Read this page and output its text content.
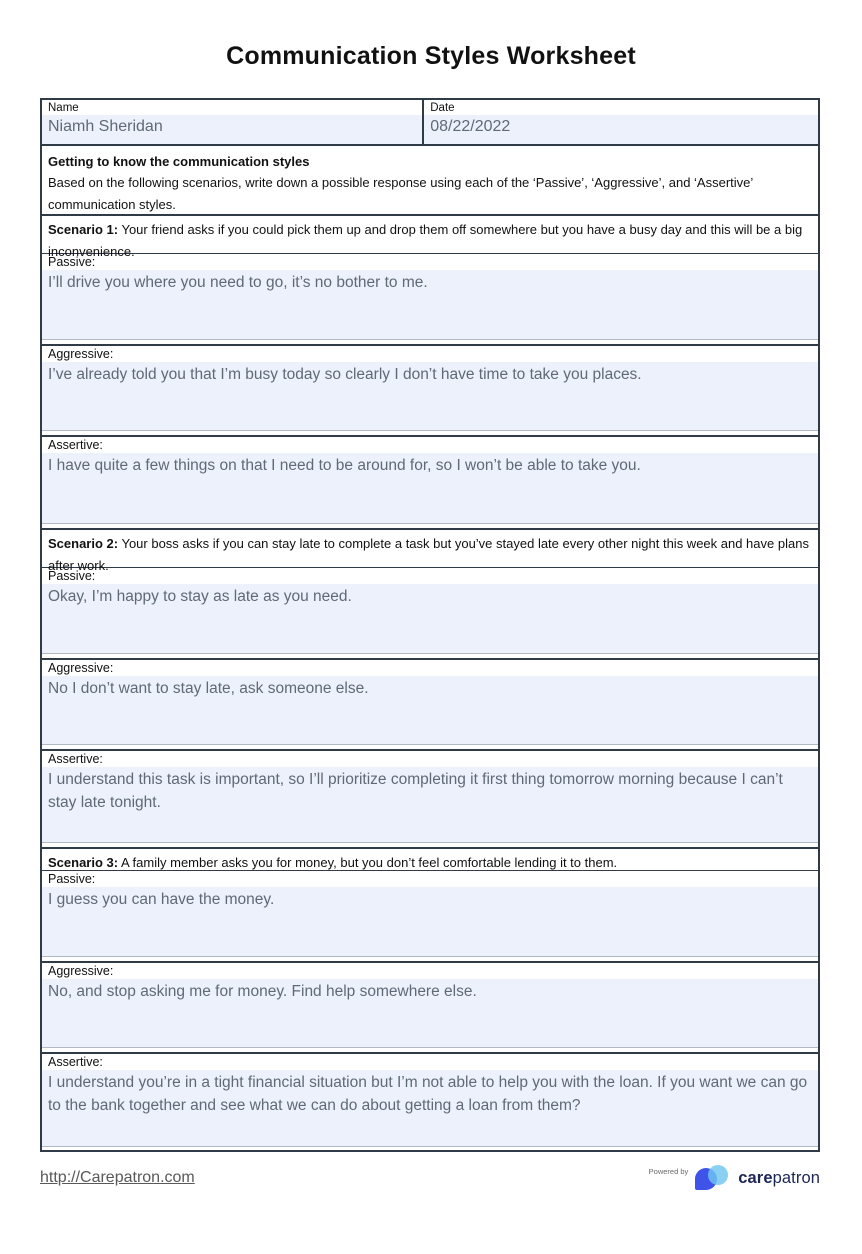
Communication Styles Worksheet
Name
Niamh Sheridan
Date
08/22/2022
Getting to know the communication styles
Based on the following scenarios, write down a possible response using each of the ‘Passive’, ‘Aggressive’, and ‘Assertive’ communication styles.
Scenario 1: Your friend asks if you could pick them up and drop them off somewhere but you have a busy day and this will be a big inconvenience.
Passive:
I’ll drive you where you need to go, it’s no bother to me.
Aggressive:
I’ve already told you that I’m busy today so clearly I don’t have time to take you places.
Assertive:
I have quite a few things on that I need to be around for, so I won’t be able to take you.
Scenario 2: Your boss asks if you can stay late to complete a task but you’ve stayed late every other night this week and have plans after work.
Passive:
Okay, I’m happy to stay as late as you need.
Aggressive:
No I don’t want to stay late, ask someone else.
Assertive:
I understand this task is important, so I’ll prioritize completing it first thing tomorrow morning because I can’t stay late tonight.
Scenario 3: A family member asks you for money, but you don’t feel comfortable lending it to them.
Passive:
I guess you can have the money.
Aggressive:
No, and stop asking me for money. Find help somewhere else.
Assertive:
I understand you’re in a tight financial situation but I’m not able to help you with the loan. If you want we can go to the bank together and see what we can do about getting a loan from them?
http://Carepatron.com	Powered by	carepatron
